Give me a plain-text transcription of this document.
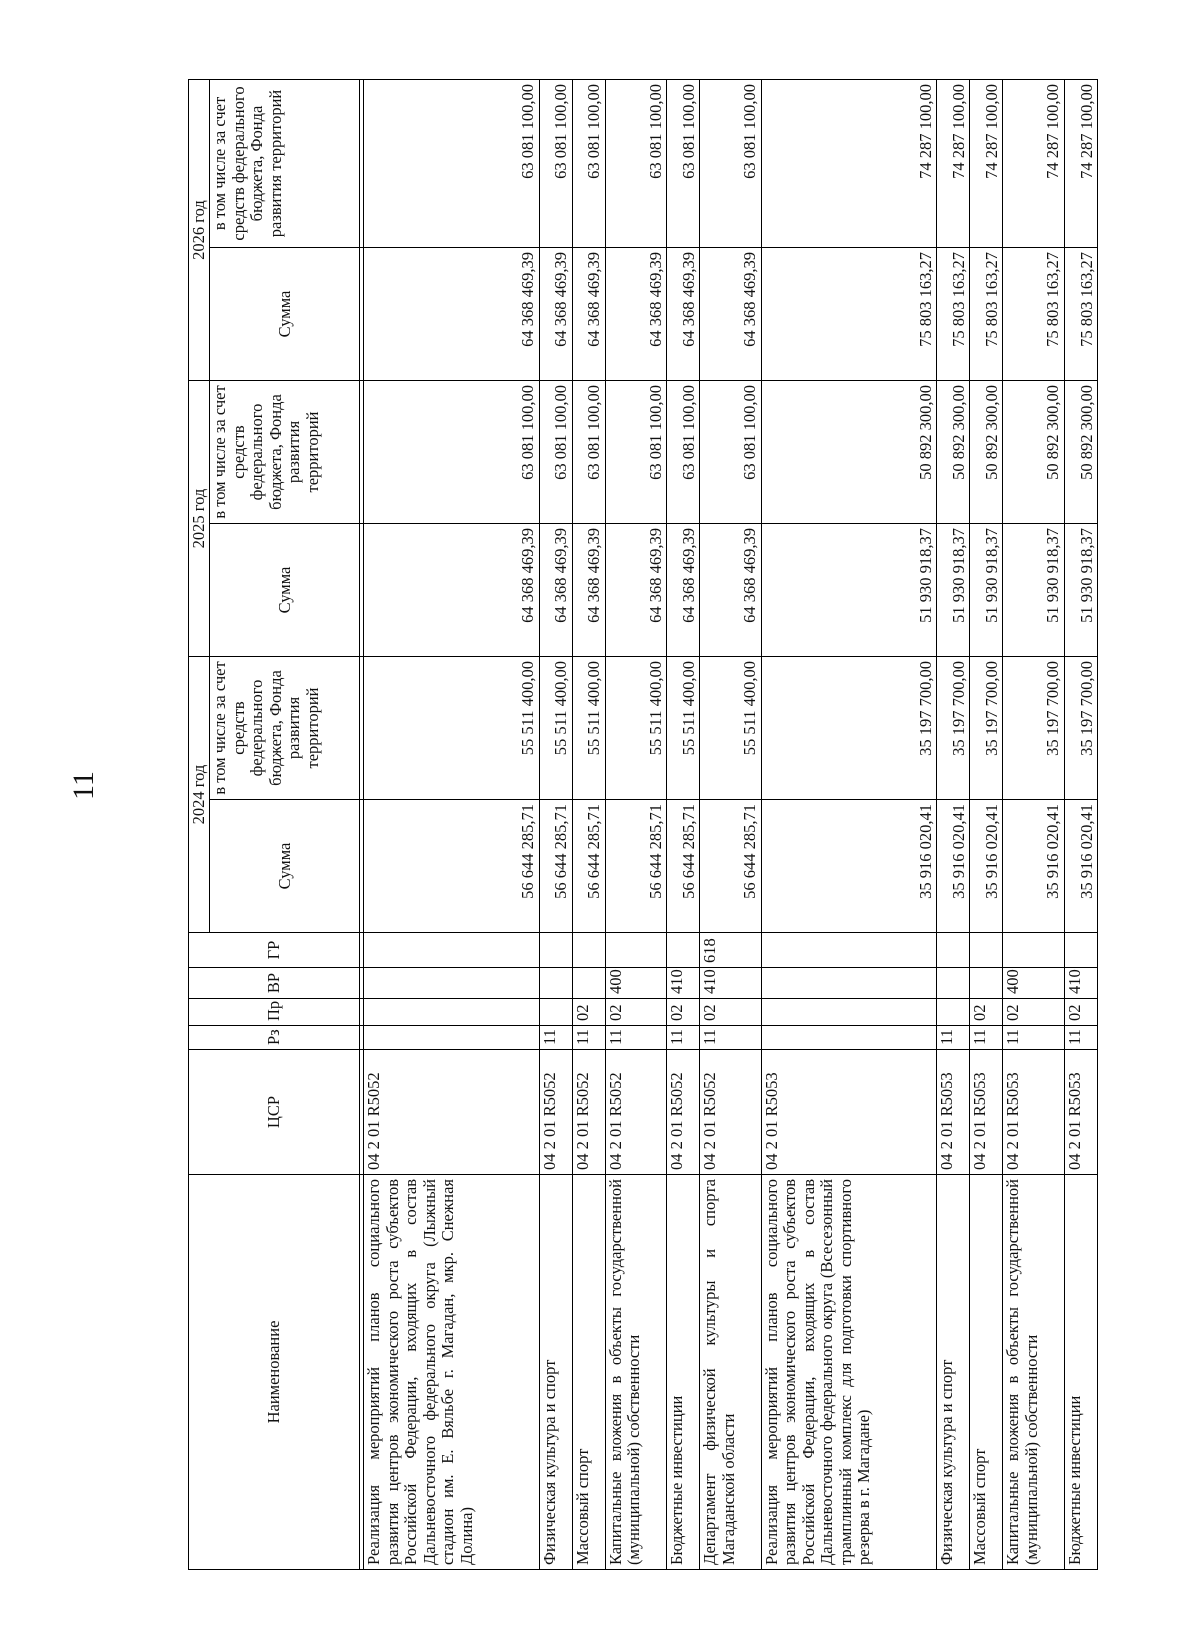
11
Наименование	ЦСР	Рз	Пр	ВР	ГР	2024 год		2025 год		2026 год	
						Сумма	в том числе за счет средств федерального бюджета, Фонда развития территорий	Сумма	в том числе за счет средств федерального бюджета, Фонда развития территорий	Сумма	в том числе за счет средств федерального бюджета, Фонда развития территорий

Реализация мероприятий планов социального развития центров экономического роста субъектов Российской Федерации, входящих в состав Дальневосточного федерального округа (Лыжный стадион им. Е. Вяльбе г. Магадан, мкр. Снежная Долина)	04 2 01 R5052					56 644 285,71	55 511 400,00	64 368 469,39	63 081 100,00	64 368 469,39	63 081 100,00
Физическая культура и спорт	04 2 01 R5052	11				56 644 285,71	55 511 400,00	64 368 469,39	63 081 100,00	64 368 469,39	63 081 100,00
Массовый спорт	04 2 01 R5052	11	02			56 644 285,71	55 511 400,00	64 368 469,39	63 081 100,00	64 368 469,39	63 081 100,00
Капитальные вложения в объекты государственной (муниципальной) собственности	04 2 01 R5052	11	02	400		56 644 285,71	55 511 400,00	64 368 469,39	63 081 100,00	64 368 469,39	63 081 100,00
Бюджетные инвестиции	04 2 01 R5052	11	02	410		56 644 285,71	55 511 400,00	64 368 469,39	63 081 100,00	64 368 469,39	63 081 100,00
Департамент физической культуры и спорта Магаданской области	04 2 01 R5052	11	02	410	618	56 644 285,71	55 511 400,00	64 368 469,39	63 081 100,00	64 368 469,39	63 081 100,00
Реализация мероприятий планов социального развития центров экономического роста субъектов Российской Федерации, входящих в состав Дальневосточного федерального округа (Всесезонный трамплинный комплекс для подготовки спортивного резерва в г. Магадане)	04 2 01 R5053					35 916 020,41	35 197 700,00	51 930 918,37	50 892 300,00	75 803 163,27	74 287 100,00
Физическая культура и спорт	04 2 01 R5053	11				35 916 020,41	35 197 700,00	51 930 918,37	50 892 300,00	75 803 163,27	74 287 100,00
Массовый спорт	04 2 01 R5053	11	02			35 916 020,41	35 197 700,00	51 930 918,37	50 892 300,00	75 803 163,27	74 287 100,00
Капитальные вложения в объекты государственной (муниципальной) собственности	04 2 01 R5053	11	02	400		35 916 020,41	35 197 700,00	51 930 918,37	50 892 300,00	75 803 163,27	74 287 100,00
Бюджетные инвестиции	04 2 01 R5053	11	02	410		35 916 020,41	35 197 700,00	51 930 918,37	50 892 300,00	75 803 163,27	74 287 100,00
